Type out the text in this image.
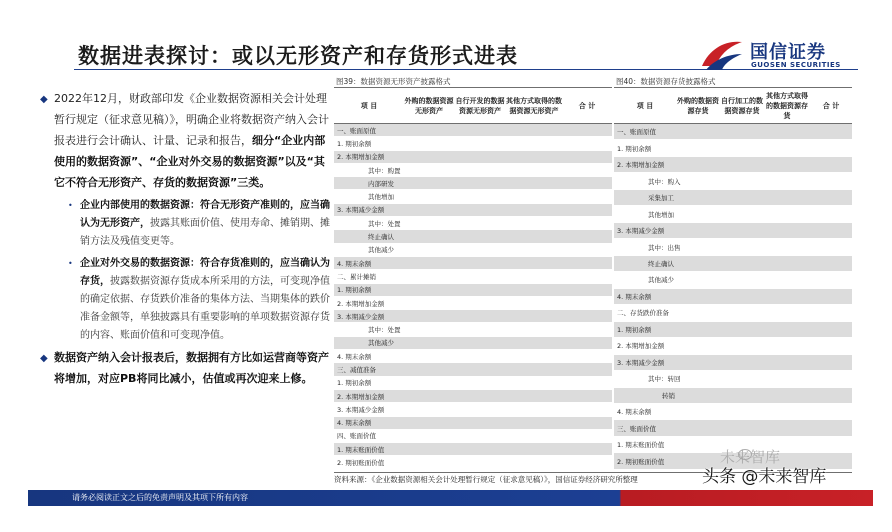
数据进表探讨：或以无形资产和存货形式进表	国信证券
GUOSEN SECURITIES
◆ 2022年12月，财政部印发《企业数据资源相关会计处理暂行规定（征求意见稿）》，明确企业将数据资产纳入会计报表进行会计确认、计量、记录和报告，细分“企业内部使用的数据资源”、“企业对外交易的数据资源”以及“其它不符合无形资产、存货的数据资源”三类。
• 企业内部使用的数据资源：符合无形资产准则的，应当确认为无形资产，披露其账面价值、使用寿命、摊销期、摊销方法及残值变更等。
• 企业对外交易的数据资源：符合存货准则的，应当确认为存货，披露数据资源存货成本所采用的方法，可变现净值的确定依据、存货跌价准备的集体方法、当期集体的跌价准备金额等，单独披露具有重要影响的单项数据资源存货的内容、账面价值和可变现净值。
◆ 数据资产纳入会计报表后，数据拥有方比如运营商等资产将增加，对应PB将同比减小，估值或再次迎来上修。
图39：数据资源无形资产披露格式
项 目
外购的数据资源无形资产
自行开发的数据资源无形资产
其他方式取得的数据资源无形资产
合 计
一、账面原值
1. 期初余额
2. 本期增加金额
其中：购置
内部研发
其他增加
3. 本期减少金额
其中：处置
终止确认
其他减少
4. 期末余额
二、累计摊销
1. 期初余额
2. 本期增加金额
3. 本期减少金额
其中：处置
其他减少
4. 期末余额
三、减值准备
1. 期初余额
2. 本期增加金额
3. 本期减少金额
4. 期末余额
四、账面价值
1. 期末账面价值
2. 期初账面价值
图40：数据资源存货披露格式
项 目
外购的数据资源存货
自行加工的数据资源存货
其他方式取得的数据资源存货
合 计
一、账面原值
1. 期初余额
2. 本期增加金额
其中：购入
采集加工
其他增加
3. 本期减少金额
其中：出售
终止确认
其他减少
4. 期末余额
二、存货跌价准备
1. 期初余额
2. 本期增加金额
3. 本期减少金额
其中：转回
转销
4. 期末余额
三、账面价值
1. 期末账面价值
2. 期初账面价值
资料来源：《企业数据资源相关会计处理暂行规定（征求意见稿）》，国信证券经济研究所整理
请务必阅读正文之后的免责声明及其项下所有内容
未来智库
头条 @未来智库
